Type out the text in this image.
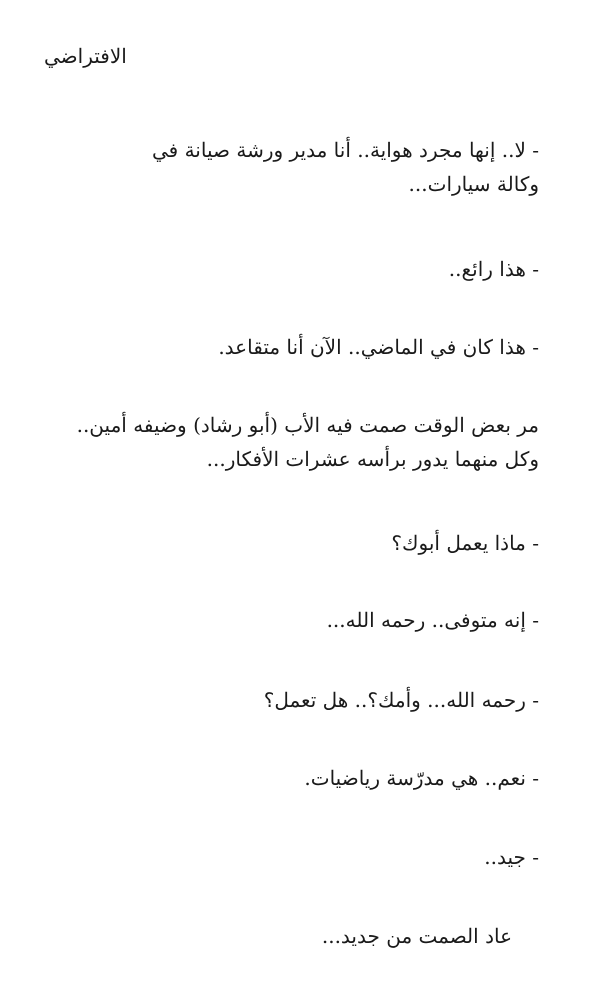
الافتراضي
- لا.. إنها مجرد هواية.. أنا مدير ورشة صيانة في
وكالة سيارات...
- هذا رائع..
- هذا كان في الماضي.. الآن أنا متقاعد.
مر بعض الوقت صمت فيه الأب (أبو رشاد) وضيفه أمين..
وكل منهما يدور برأسه عشرات الأفكار...
- ماذا يعمل أبوك؟
- إنه متوفى.. رحمه الله...
- رحمه الله... وأمك؟.. هل تعمل؟
- نعم.. هي مدرّسة رياضيات.
- جيد..
عاد الصمت من جديد...
